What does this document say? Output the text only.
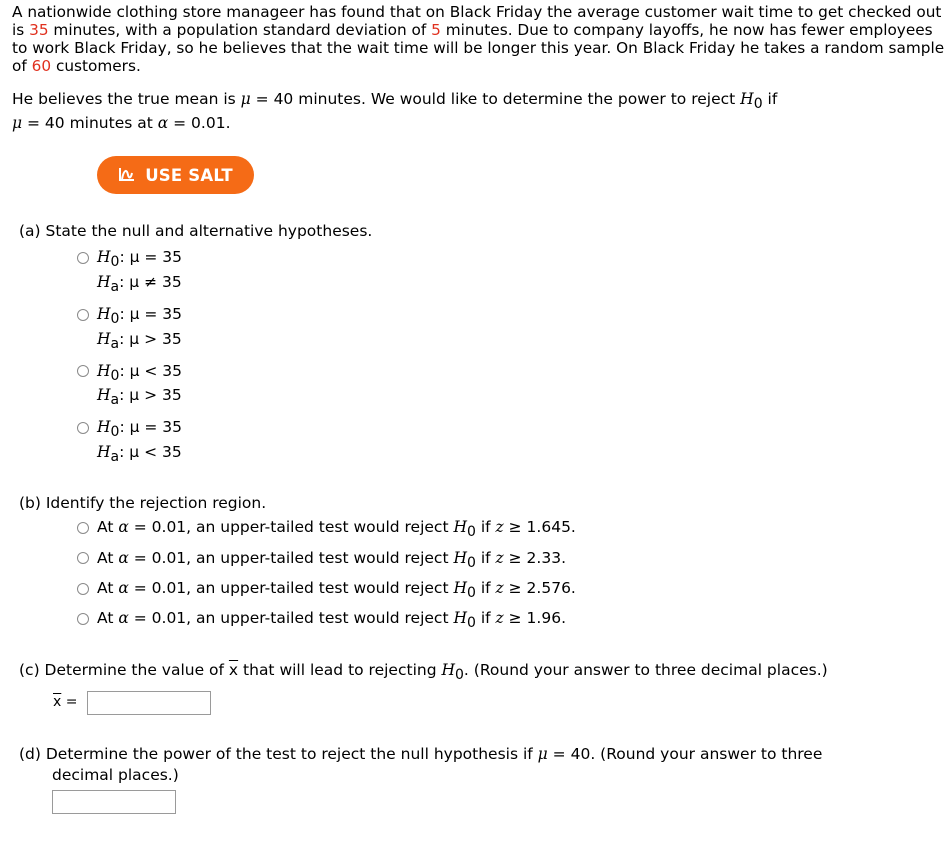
A nationwide clothing store manageer has found that on Black Friday the average customer wait time to get checked out is 35 minutes, with a population standard deviation of 5 minutes. Due to company layoffs, he now has fewer employees to work Black Friday, so he believes that the wait time will be longer this year. On Black Friday he takes a random sample of 60 customers.
He believes the true mean is μ = 40 minutes. We would like to determine the power to reject $H_0$ if
μ = 40 minutes at α = 0.01.
USE SALT
(a) State the null and alternative hypotheses.
$H_0$: μ = 35
$H_a$: μ ≠ 35
$H_0$: μ = 35
$H_a$: μ > 35
$H_0$: μ < 35
$H_a$: μ > 35
$H_0$: μ = 35
$H_a$: μ < 35
(b) Identify the rejection region.
At α = 0.01, an upper-tailed test would reject $H_0$ if z ≥ 1.645.
At α = 0.01, an upper-tailed test would reject $H_0$ if z ≥ 2.33.
At α = 0.01, an upper-tailed test would reject $H_0$ if z ≥ 2.576.
At α = 0.01, an upper-tailed test would reject $H_0$ if z ≥ 1.96.
(c) Determine the value of $\overline{x}$ that will lead to rejecting $H_0$. (Round your answer to three decimal places.)
$\overline{x}$ =
(d) Determine the power of the test to reject the null hypothesis if μ = 40. (Round your answer to three
decimal places.)
